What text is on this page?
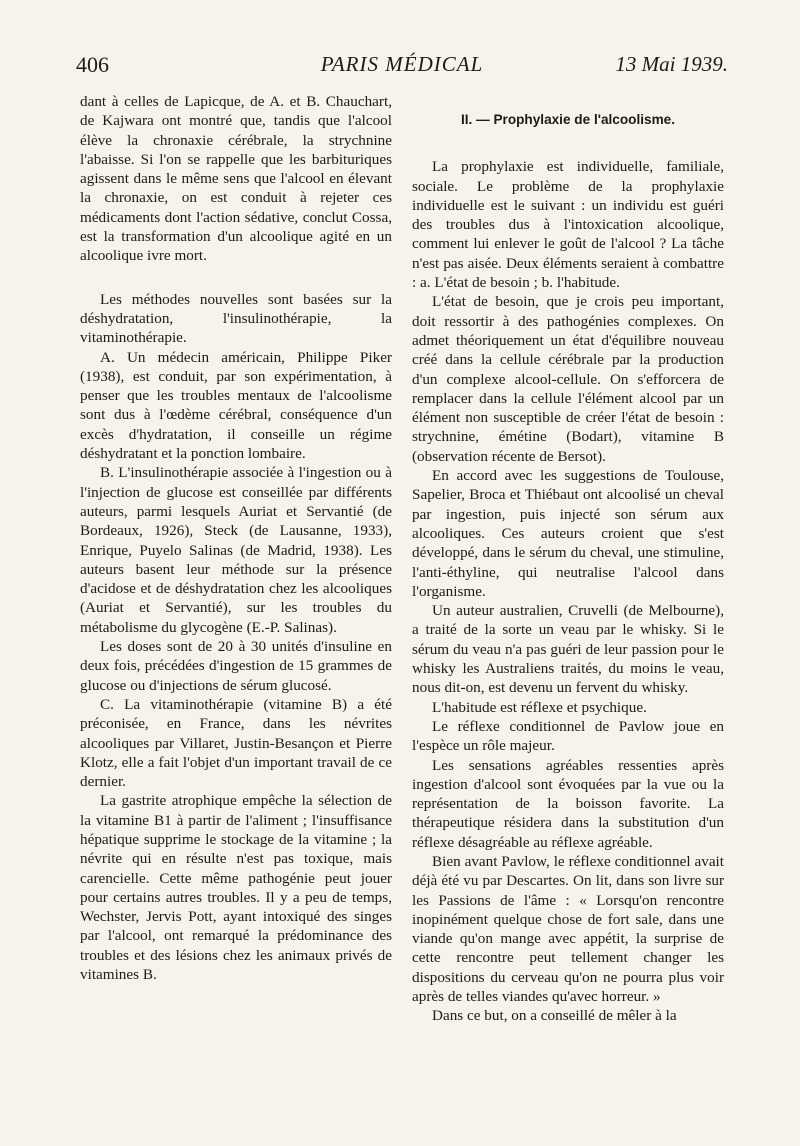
406	PARIS MÉDICAL	13 Mai 1939.

dant à celles de Lapicque, de A. et B. Chauchart, de Kajwara ont montré que, tandis que l'alcool élève la chronaxie cérébrale, la strychnine l'abaisse. Si l'on se rappelle que les barbituriques agissent dans le même sens que l'alcool en élevant la chronaxie, on est conduit à rejeter ces médicaments dont l'action sédative, conclut Cossa, est la transformation d'un alcoolique agité en un alcoolique ivre mort.

Les méthodes nouvelles sont basées sur la déshydratation, l'insulinothérapie, la vitaminothérapie.

A. Un médecin américain, Philippe Piker (1938), est conduit, par son expérimentation, à penser que les troubles mentaux de l'alcoolisme sont dus à l'œdème cérébral, conséquence d'un excès d'hydratation, il conseille un régime déshydratant et la ponction lombaire.

B. L'insulinothérapie associée à l'ingestion ou à l'injection de glucose est conseillée par différents auteurs, parmi lesquels Auriat et Servantié (de Bordeaux, 1926), Steck (de Lausanne, 1933), Enrique, Puyelo Salinas (de Madrid, 1938). Les auteurs basent leur méthode sur la présence d'acidose et de déshydratation chez les alcooliques (Auriat et Servantié), sur les troubles du métabolisme du glycogène (E.-P. Salinas).

Les doses sont de 20 à 30 unités d'insuline en deux fois, précédées d'ingestion de 15 grammes de glucose ou d'injections de sérum glucosé.

C. La vitaminothérapie (vitamine B) a été préconisée, en France, dans les névrites alcooliques par Villaret, Justin-Besançon et Pierre Klotz, elle a fait l'objet d'un important travail de ce dernier.

La gastrite atrophique empêche la sélection de la vitamine B1 à partir de l'aliment ; l'insuffisance hépatique supprime le stockage de la vitamine ; la névrite qui en résulte n'est pas toxique, mais carencielle. Cette même pathogénie peut jouer pour certains autres troubles. Il y a peu de temps, Wechster, Jervis Pott, ayant intoxiqué des singes par l'alcool, ont remarqué la prédominance des troubles et des lésions chez les animaux privés de vitamines B.

II. — Prophylaxie de l'alcoolisme.

La prophylaxie est individuelle, familiale, sociale. Le problème de la prophylaxie individuelle est le suivant : un individu est guéri des troubles dus à l'intoxication alcoolique, comment lui enlever le goût de l'alcool ? La tâche n'est pas aisée. Deux éléments seraient à combattre : a. L'état de besoin ; b. l'habitude.

L'état de besoin, que je crois peu important, doit ressortir à des pathogénies complexes. On admet théoriquement un état d'équilibre nouveau créé dans la cellule cérébrale par la production d'un complexe alcool-cellule. On s'efforcera de remplacer dans la cellule l'élément alcool par un élément non susceptible de créer l'état de besoin : strychnine, émétine (Bodart), vitamine B (observation récente de Bersot).

En accord avec les suggestions de Toulouse, Sapelier, Broca et Thiébaut ont alcoolisé un cheval par ingestion, puis injecté son sérum aux alcooliques. Ces auteurs croient que s'est développé, dans le sérum du cheval, une stimuline, l'anti-éthyline, qui neutralise l'alcool dans l'organisme.

Un auteur australien, Cruvelli (de Melbourne), a traité de la sorte un veau par le whisky. Si le sérum du veau n'a pas guéri de leur passion pour le whisky les Australiens traités, du moins le veau, nous dit-on, est devenu un fervent du whisky.

L'habitude est réflexe et psychique.

Le réflexe conditionnel de Pavlow joue en l'espèce un rôle majeur.

Les sensations agréables ressenties après ingestion d'alcool sont évoquées par la vue ou la représentation de la boisson favorite. La thérapeutique résidera dans la substitution d'un réflexe désagréable au réflexe agréable.

Bien avant Pavlow, le réflexe conditionnel avait déjà été vu par Descartes. On lit, dans son livre sur les Passions de l'âme : « Lorsqu'on rencontre inopinément quelque chose de fort sale, dans une viande qu'on mange avec appétit, la surprise de cette rencontre peut tellement changer les dispositions du cerveau qu'on ne pourra plus voir après de telles viandes qu'avec horreur. »

Dans ce but, on a conseillé de mêler à la
